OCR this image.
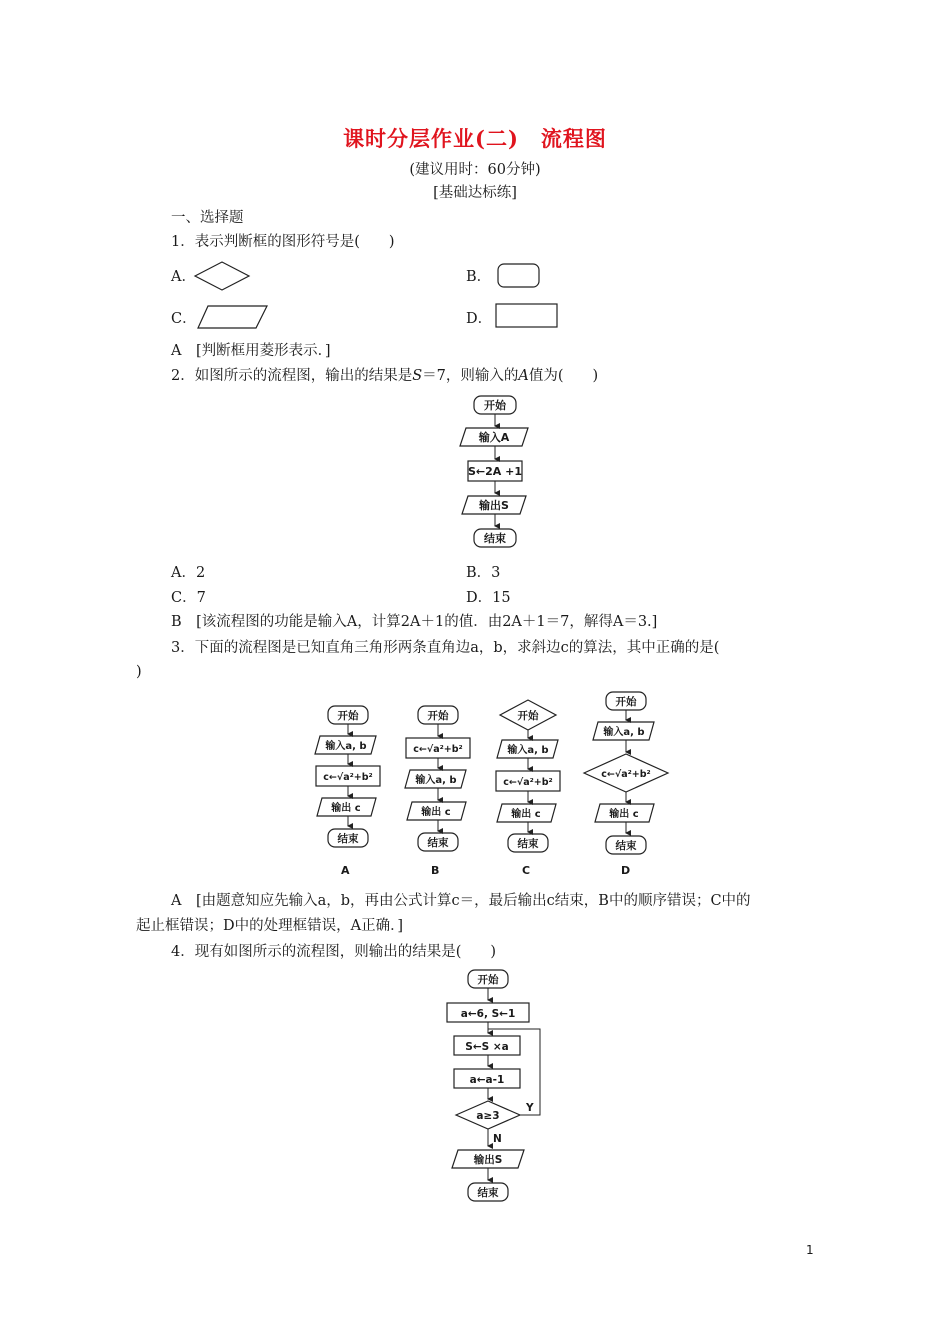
课时分层作业(二)　流程图
(建议用时：60分钟)
[基础达标练]
一、选择题
1．表示判断框的图形符号是(　　)
A．	B．
C．	D．
A　[判断框用菱形表示．]
2．如图所示的流程图，输出的结果是S＝7，则输入的A值为(　　)
开始
输入A
S←2A +1
输出S
结束
A．2	B．3
C．7	D．15
B　[该流程图的功能是输入A，计算2A＋1的值．由2A＋1＝7，解得A＝3.]
3．下面的流程图是已知直角三角形两条直角边a，b，求斜边c的算法，其中正确的是(
)
开始
输入a, b
c←√a²+b²
输出 c
结束
A
开始
c←√a²+b²
输入a, b
输出 c
结束
B
开始
输入a, b
c←√a²+b²
输出 c
结束
C
开始
输入a, b
c←√a²+b²
输出 c
结束
D
A　[由题意知应先输入a，b，再由公式计算c＝，最后输出c结束，B中的顺序错误；C中的
起止框错误；D中的处理框错误，A正确．]
4．现有如图所示的流程图，则输出的结果是(　　)
开始
a←6, S←1
S←S ×a
a←a-1
a≥3
Y
N
输出S
结束
1
